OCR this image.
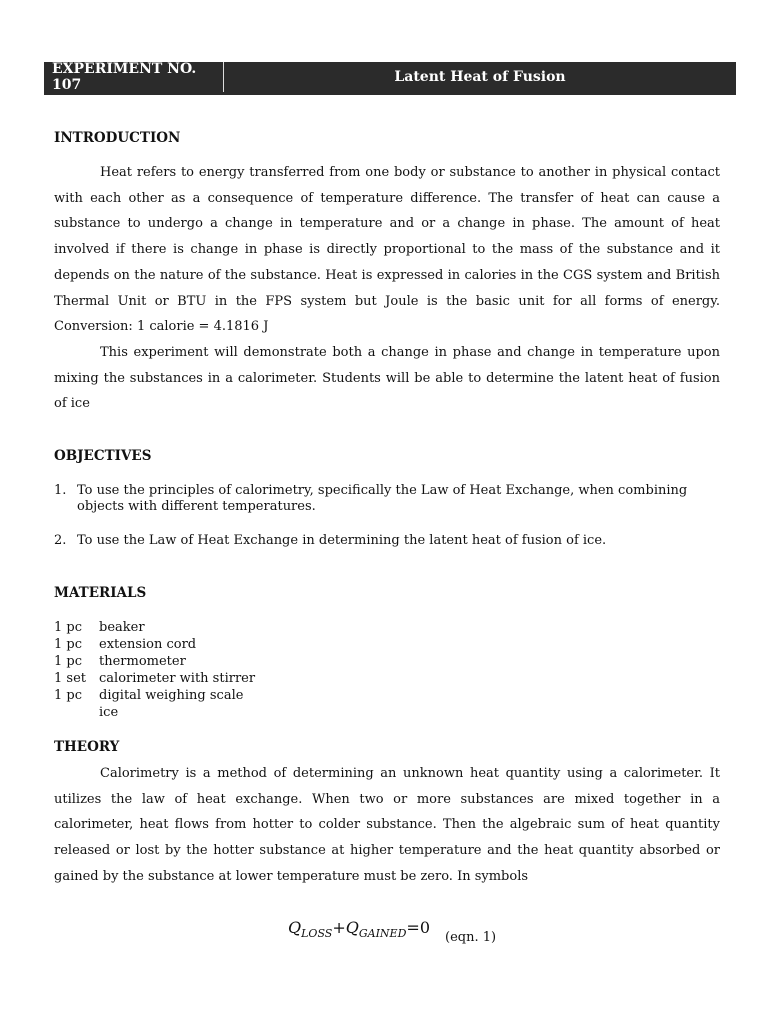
EXPERIMENT NO. 107	Latent Heat of Fusion
INTRODUCTION

Heat refers to energy transferred from one body or substance to another in physical contact with each other as a consequence of temperature difference. The transfer of heat can cause a substance to undergo a change in temperature and or a change in phase. The amount of heat involved if there is change in phase is directly proportional to the mass of the substance and it depends on the nature of the substance. Heat is expressed in calories in the CGS system and British Thermal Unit or BTU in the FPS system but Joule is the basic unit for all forms of energy. Conversion: 1 calorie = 4.1816 J

This experiment will demonstrate both a change in phase and change in temperature upon mixing the substances in a calorimeter. Students will be able to determine the latent heat of fusion of ice

OBJECTIVES
1. To use the principles of calorimetry, specifically the Law of Heat Exchange, when combining objects with different temperatures.
2. To use the Law of Heat Exchange in determining the latent heat of fusion of ice.
MATERIALS
1 pc	beaker
1 pc	extension cord
1 pc	thermometer
1 set	calorimeter with stirrer
1 pc	digital weighing scale
ice
THEORY

Calorimetry is a method of determining an unknown heat quantity using a calorimeter. It utilizes the law of heat exchange. When two or more substances are mixed together in a calorimeter, heat flows from hotter to colder substance. Then the algebraic sum of heat quantity released or lost by the hotter substance at higher temperature and the heat quantity absorbed or gained by the substance at lower temperature must be zero. In symbols

$Q_{LOSS}+Q_{GAINED}=0$
(eqn. 1)
